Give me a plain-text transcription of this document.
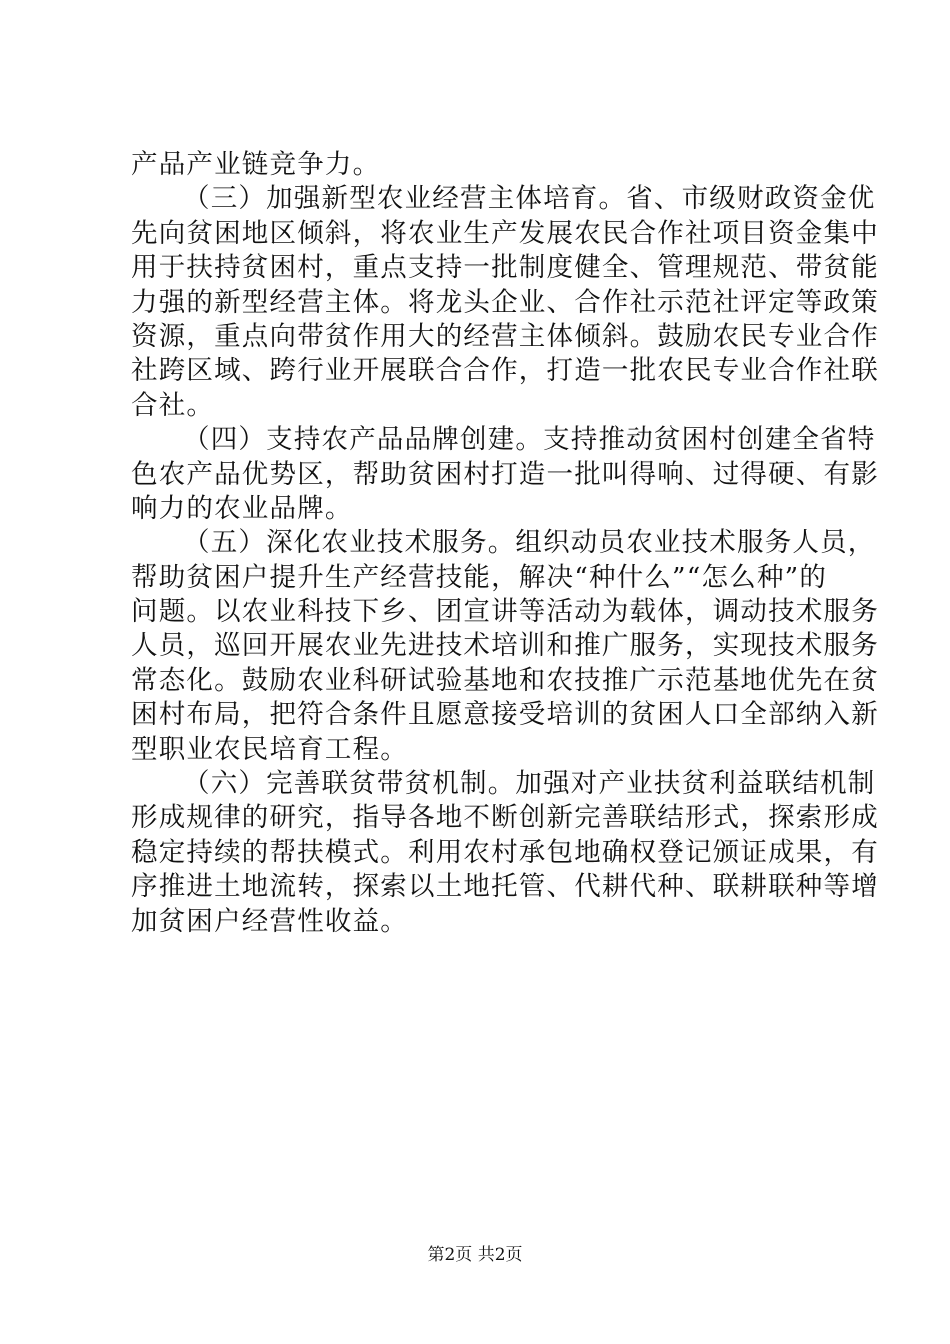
产品产业链竞争力。
（三）加强新型农业经营主体培育。省、市级财政资金优
先向贫困地区倾斜，将农业生产发展农民合作社项目资金集中
用于扶持贫困村，重点支持一批制度健全、管理规范、带贫能
力强的新型经营主体。将龙头企业、合作社示范社评定等政策
资源，重点向带贫作用大的经营主体倾斜。鼓励农民专业合作
社跨区域、跨行业开展联合合作，打造一批农民专业合作社联
合社。
（四）支持农产品品牌创建。支持推动贫困村创建全省特
色农产品优势区，帮助贫困村打造一批叫得响、过得硬、有影
响力的农业品牌。
（五）深化农业技术服务。组织动员农业技术服务人员，
帮助贫困户提升生产经营技能，解决“种什么”“怎么种”的
问题。以农业科技下乡、团宣讲等活动为载体，调动技术服务
人员，巡回开展农业先进技术培训和推广服务，实现技术服务
常态化。鼓励农业科研试验基地和农技推广示范基地优先在贫
困村布局，把符合条件且愿意接受培训的贫困人口全部纳入新
型职业农民培育工程。
（六）完善联贫带贫机制。加强对产业扶贫利益联结机制
形成规律的研究，指导各地不断创新完善联结形式，探索形成
稳定持续的帮扶模式。利用农村承包地确权登记颁证成果，有
序推进土地流转，探索以土地托管、代耕代种、联耕联种等增
加贫困户经营性收益。
第2页 共2页
